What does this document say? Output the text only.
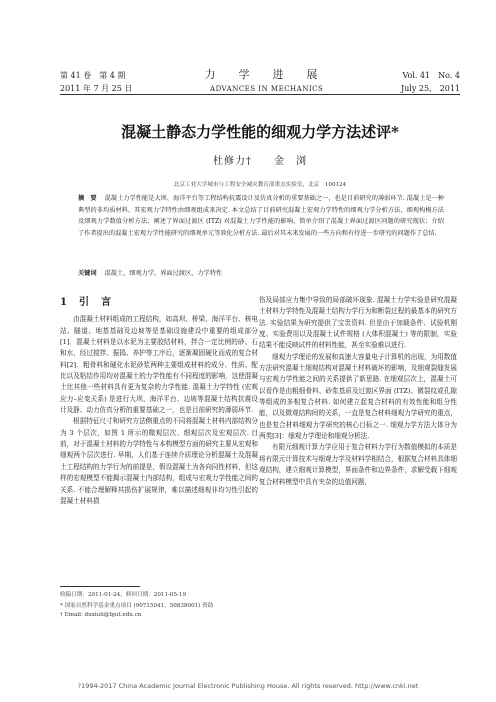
第 41 卷　第 4 期	力　学　进　展	Vol. 41　No. 4
2011 年 7 月 25 日	ADVANCES IN MECHANICS	July 25,　2011
混凝土静态力学性能的细观力学方法述评*
杜修力†　　金　浏
北京工业大学城市与工程安全减灾教育部重点实验室，北京　100124
摘　要 混凝土力学性能是大坝、海洋平台等工程结构抗震设计及仿真分析的重要基础之一，也是目前研究的薄弱环节. 混凝土是一种典型的非均质材料，其宏观力学特性由细观组成来决定. 本文总结了目前研究混凝土宏观力学特性的细观力学分析方法，细观构模方法及细观力学数值分析方法；阐述了界面过渡区 (ITZ) 对混凝土力学性能的影响，简单介绍了混凝土界面过渡区问题的研究现状；介绍了作者提出的混凝土宏观力学性能研究的细观单元等效化分析方法. 最后对其未来发展的一些方向和有待进一步研究的问题作了总结.
关键词 混凝土，细观力学，界面过渡区，力学特性
1　引　言

由混凝土材料组成的工程结构，如高坝、桥梁、海洋平台、核电站、隧道、地基基础及边坡等是基础设施建设中重要的组成部分[1]．混凝土材料是以水泥为主要胶结材料，拌合一定比例的砂、石和水，经过搅拌、振捣、养护等工序后，逐渐凝固硬化而成的复合材料[2]．粗骨料和硬化水泥砂浆两种主要组成材料的成分、性质、配比以及粘结作用均对混凝土的力学性能有不同程度的影响，这使混凝土比其他一些材料具有更为复杂的力学性能. 混凝土力学特性 (宏观应力–应变关系) 是进行大坝、海洋平台、边坡等混凝土结构抗震设计及静、动力仿真分析的重要基础之一，也是目前研究的薄弱环节.

根据特征尺寸和研究方法侧重点的不同将混凝土材料内部结构分为 3 个层次，如图 1 所示的微观层次、细观层次及宏观层次. 目前，对于混凝土材料的力学特性与本构模型方面的研究主要从宏观和细观两个层次进行. 早期，人们基于连续介质理论分析混凝土及混凝土工程结构的力学行为的前提是，假设混凝土为各向同性材料，但这样的宏观模型不能揭示混凝土内部结构，组成与宏观力学性能之间的关系. 不能合理解释其损伤扩展规律，难以描述细观非均匀性引起的混凝土材料损

伤及局部应力集中导致的局部破坏现象. 混凝土力学实验是研究混凝土材料力学特性及混凝土结构力学行为和断裂过程的最基本的研究方法. 实验结果为研究提供了宝贵资料. 但是由于加载条件、试验机刚度、实验费用以及混凝土试件规格 (大体积混凝土) 等的限制，实验结果不能反映试件的材料性能，甚至实验难以进行.

细观力学理论的发展和高速大容量电子计算机的出现，为用数值方法研究混凝土细观结构对混凝土材料破坏的影响，及细观裂缝发展与宏观力学性能之间的关系提供了新思路. 在细观层次上，混凝土可以看作是由粗细骨料、砂浆基质及过渡区界面 (ITZ)、微裂纹或孔隙等组成的多相复合材料. 如何建立起复合材料的有效性能和组分性能，以及微观结构间的关系，一直是复合材料细观力学研究的重点，也是复合材料细观力学研究的核心目标之一. 细观力学方法大体分为两类[3]：细观力学理论和细观分析法.

有限元细观计算力学应用于复合材料力学行为数值模拟的本质是将有限元计算技术与细观力学及材料学相结合，根据复合材料具体细观结构，建立细观计算模型，界面条件和边界条件，求解受载下细观复合材料模型中具有夹杂的边值问题，

收稿日期：2011-01-24，修回日期：2011-05-19
* 国家自然科学基金重点项目 (90715041，50838001) 资助
† Email: duxiuli@bjut.edu.cn
?1994-2017 China Academic Journal Electronic Publishing House. All rights reserved. http://www.cnki.net
